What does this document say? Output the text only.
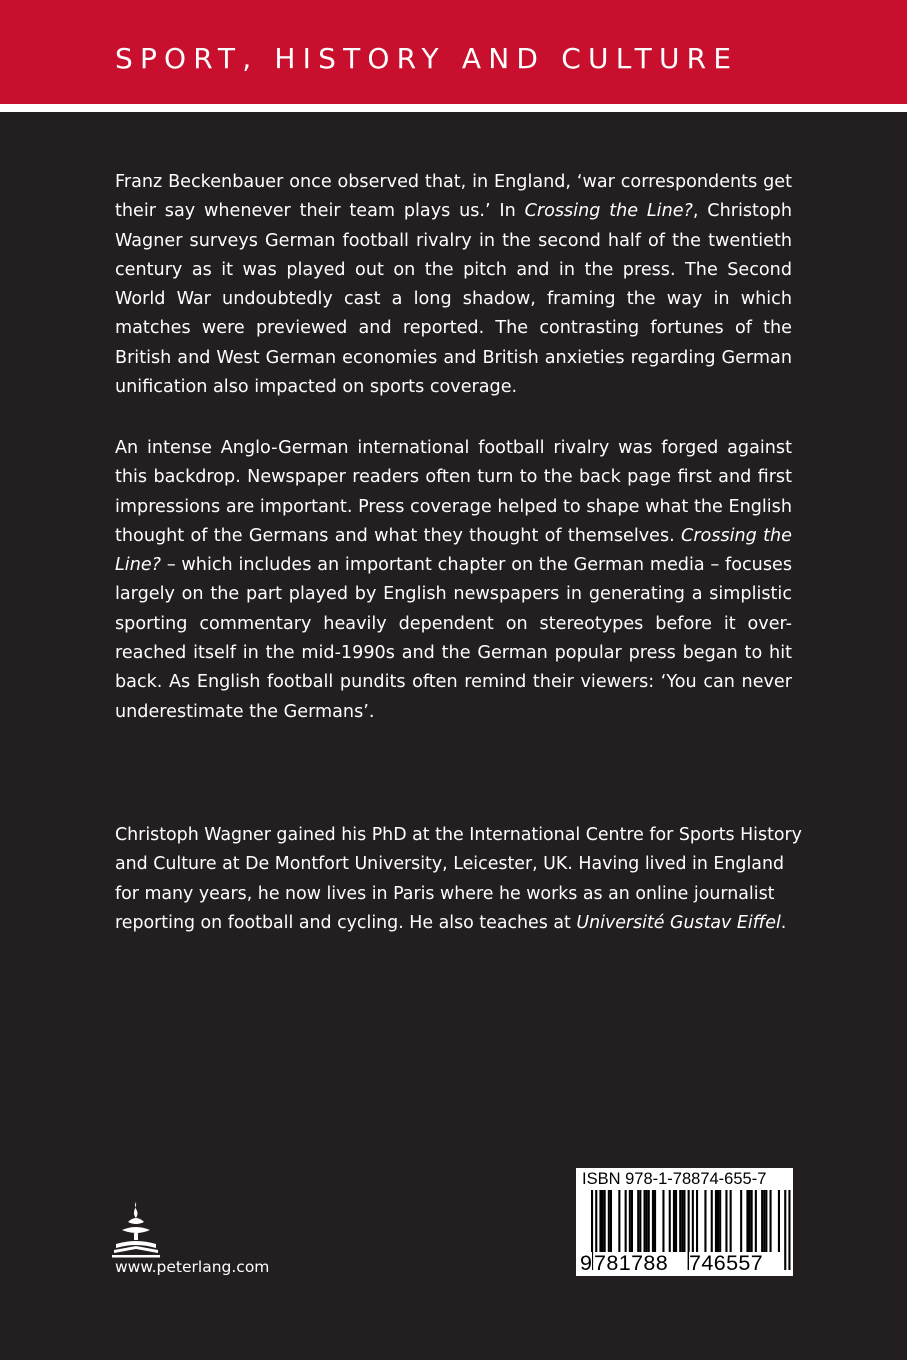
SPORT, HISTORY AND CULTURE

Franz Beckenbauer once observed that, in England, ‘war correspondents get their say whenever their team plays us.’ In Crossing the Line?, Christoph Wagner surveys German football rivalry in the second half of the twentieth century as it was played out on the pitch and in the press. The Second World War undoubtedly cast a long shadow, framing the way in which matches were previewed and reported. The contrasting fortunes of the British and West German economies and British anxieties regarding German unification also impacted on sports coverage.

An intense Anglo-German international football rivalry was forged against this backdrop. Newspaper readers often turn to the back page first and first impressions are important. Press coverage helped to shape what the English thought of the Germans and what they thought of themselves. Crossing the Line? – which includes an important chapter on the German media – focuses largely on the part played by English newspapers in generating a simplistic sporting commentary heavily dependent on stereotypes before it over-reached itself in the mid-1990s and the German popular press began to hit back. As English football pundits often remind their viewers: ‘You can never underestimate the Germans’.

Christoph Wagner gained his PhD at the International Centre for Sports History and Culture at De Montfort University, Leicester, UK. Having lived in England for many years, he now lives in Paris where he works as an online journalist reporting on football and cycling. He also teaches at Université Gustav Eiffel.

www.peterlang.com
ISBN 978-1-78874-655-7
9 781788 746557
